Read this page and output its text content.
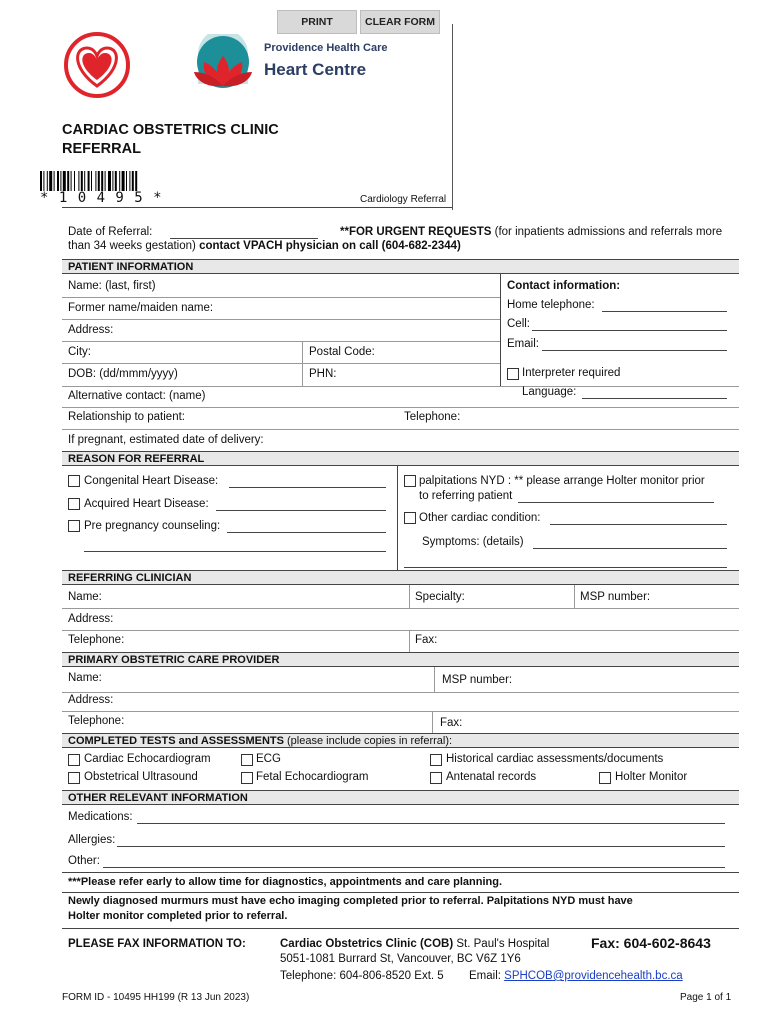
PRINT	CLEAR FORM
Providence Health Care
Heart Centre
CARDIAC OBSTETRICS CLINIC
REFERRAL
* 1 0 4 9 5 *	Cardiology Referral
Date of Referral:	**FOR URGENT REQUESTS (for inpatients admissions and referrals more
than 34 weeks gestation) contact VPACH physician on call (604-682-2344)
PATIENT INFORMATION
Name: (last, first)
Former name/maiden name:
Address:
City:	Postal Code:
DOB: (dd/mmm/yyyy)	PHN:
Alternative contact: (name)
Relationship to patient:	Telephone:
If pregnant, estimated date of delivery:
Contact information:
Home telephone:
Cell:
Email:
Interpreter required
Language:
REASON FOR REFERRAL
Congenital Heart Disease:
Acquired Heart Disease:
Pre pregnancy counseling:
palpitations NYD : ** please arrange Holter monitor prior
to referring patient
Other cardiac condition:
Symptoms: (details)
REFERRING CLINICIAN
Name:	Specialty:	MSP number:
Address:
Telephone:	Fax:
PRIMARY OBSTETRIC CARE PROVIDER
Name:	MSP number:
Address:
Telephone:	Fax:
COMPLETED TESTS and ASSESSMENTS (please include copies in referral):
Cardiac Echocardiogram	ECG	Historical cardiac assessments/documents
Obstetrical Ultrasound	Fetal Echocardiogram	Antenatal records	Holter Monitor
OTHER RELEVANT INFORMATION
Medications:
Allergies:
Other:
***Please refer early to allow time for diagnostics, appointments and care planning.
Newly diagnosed murmurs must have echo imaging completed prior to referral. Palpitations NYD must have
Holter monitor completed prior to referral.
PLEASE FAX INFORMATION TO:	Cardiac Obstetrics Clinic (COB) St. Paul's Hospital	Fax: 604-602-8643
5051-1081 Burrard St, Vancouver, BC V6Z 1Y6
Telephone: 604-806-8520 Ext. 5 Email: SPHCOB@providencehealth.bc.ca
FORM ID - 10495 HH199 (R 13 Jun 2023)	Page 1 of 1
